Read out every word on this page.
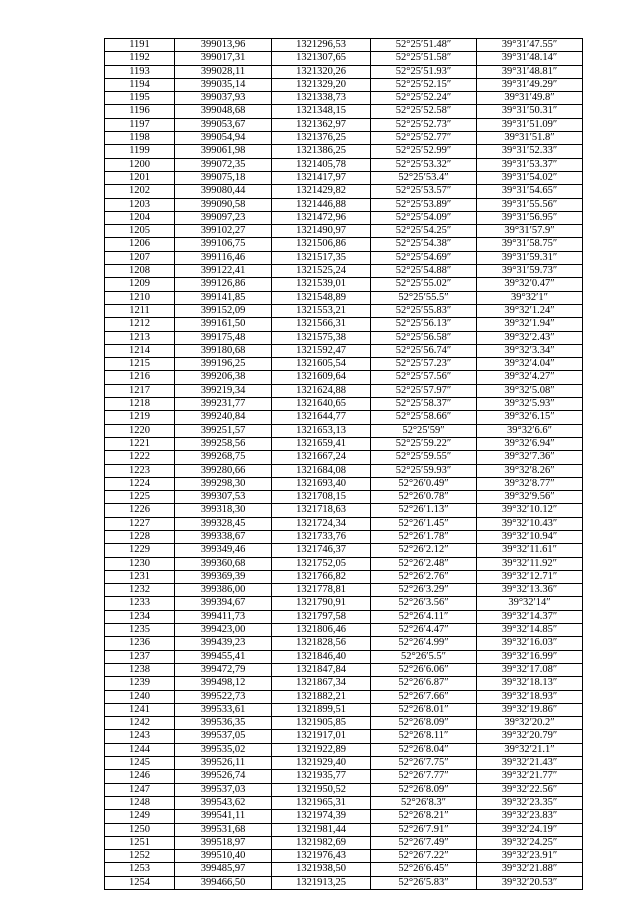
1191	399013,96	1321296,53	52°25′51.48″	39°31′47.55″
1192	399017,31	1321307,65	52°25′51.58″	39°31′48.14″
1193	399028,11	1321320,26	52°25′51.93″	39°31′48.81″
1194	399035,14	1321329,20	52°25′52.15″	39°31′49.29″
1195	399037,93	1321338,73	52°25′52.24″	39°31′49.8″
1196	399048,68	1321348,15	52°25′52.58″	39°31′50.31″
1197	399053,67	1321362,97	52°25′52.73″	39°31′51.09″
1198	399054,94	1321376,25	52°25′52.77″	39°31′51.8″
1199	399061,98	1321386,25	52°25′52.99″	39°31′52.33″
1200	399072,35	1321405,78	52°25′53.32″	39°31′53.37″
1201	399075,18	1321417,97	52°25′53.4″	39°31′54.02″
1202	399080,44	1321429,82	52°25′53.57″	39°31′54.65″
1203	399090,58	1321446,88	52°25′53.89″	39°31′55.56″
1204	399097,23	1321472,96	52°25′54.09″	39°31′56.95″
1205	399102,27	1321490,97	52°25′54.25″	39°31′57.9″
1206	399106,75	1321506,86	52°25′54.38″	39°31′58.75″
1207	399116,46	1321517,35	52°25′54.69″	39°31′59.31″
1208	399122,41	1321525,24	52°25′54.88″	39°31′59.73″
1209	399126,86	1321539,01	52°25′55.02″	39°32′0.47″
1210	399141,85	1321548,89	52°25′55.5″	39°32′1″
1211	399152,09	1321553,21	52°25′55.83″	39°32′1.24″
1212	399161,50	1321566,31	52°25′56.13″	39°32′1.94″
1213	399175,48	1321575,38	52°25′56.58″	39°32′2.43″
1214	399180,68	1321592,47	52°25′56.74″	39°32′3.34″
1215	399196,25	1321605,54	52°25′57.23″	39°32′4.04″
1216	399206,38	1321609,64	52°25′57.56″	39°32′4.27″
1217	399219,34	1321624,88	52°25′57.97″	39°32′5.08″
1218	399231,77	1321640,65	52°25′58.37″	39°32′5.93″
1219	399240,84	1321644,77	52°25′58.66″	39°32′6.15″
1220	399251,57	1321653,13	52°25′59″	39°32′6.6″
1221	399258,56	1321659,41	52°25′59.22″	39°32′6.94″
1222	399268,75	1321667,24	52°25′59.55″	39°32′7.36″
1223	399280,66	1321684,08	52°25′59.93″	39°32′8.26″
1224	399298,30	1321693,40	52°26′0.49″	39°32′8.77″
1225	399307,53	1321708,15	52°26′0.78″	39°32′9.56″
1226	399318,30	1321718,63	52°26′1.13″	39°32′10.12″
1227	399328,45	1321724,34	52°26′1.45″	39°32′10.43″
1228	399338,67	1321733,76	52°26′1.78″	39°32′10.94″
1229	399349,46	1321746,37	52°26′2.12″	39°32′11.61″
1230	399360,68	1321752,05	52°26′2.48″	39°32′11.92″
1231	399369,39	1321766,82	52°26′2.76″	39°32′12.71″
1232	399386,00	1321778,81	52°26′3.29″	39°32′13.36″
1233	399394,67	1321790,91	52°26′3.56″	39°32′14″
1234	399411,73	1321797,58	52°26′4.11″	39°32′14.37″
1235	399423,00	1321806,46	52°26′4.47″	39°32′14.85″
1236	399439,23	1321828,56	52°26′4.99″	39°32′16.03″
1237	399455,41	1321846,40	52°26′5.5″	39°32′16.99″
1238	399472,79	1321847,84	52°26′6.06″	39°32′17.08″
1239	399498,12	1321867,34	52°26′6.87″	39°32′18.13″
1240	399522,73	1321882,21	52°26′7.66″	39°32′18.93″
1241	399533,61	1321899,51	52°26′8.01″	39°32′19.86″
1242	399536,35	1321905,85	52°26′8.09″	39°32′20.2″
1243	399537,05	1321917,01	52°26′8.11″	39°32′20.79″
1244	399535,02	1321922,89	52°26′8.04″	39°32′21.1″
1245	399526,11	1321929,40	52°26′7.75″	39°32′21.43″
1246	399526,74	1321935,77	52°26′7.77″	39°32′21.77″
1247	399537,03	1321950,52	52°26′8.09″	39°32′22.56″
1248	399543,62	1321965,31	52°26′8.3″	39°32′23.35″
1249	399541,11	1321974,39	52°26′8.21″	39°32′23.83″
1250	399531,68	1321981,44	52°26′7.91″	39°32′24.19″
1251	399518,97	1321982,69	52°26′7.49″	39°32′24.25″
1252	399510,40	1321976,43	52°26′7.22″	39°32′23.91″
1253	399485,97	1321938,50	52°26′6.45″	39°32′21.88″
1254	399466,50	1321913,25	52°26′5.83″	39°32′20.53″
